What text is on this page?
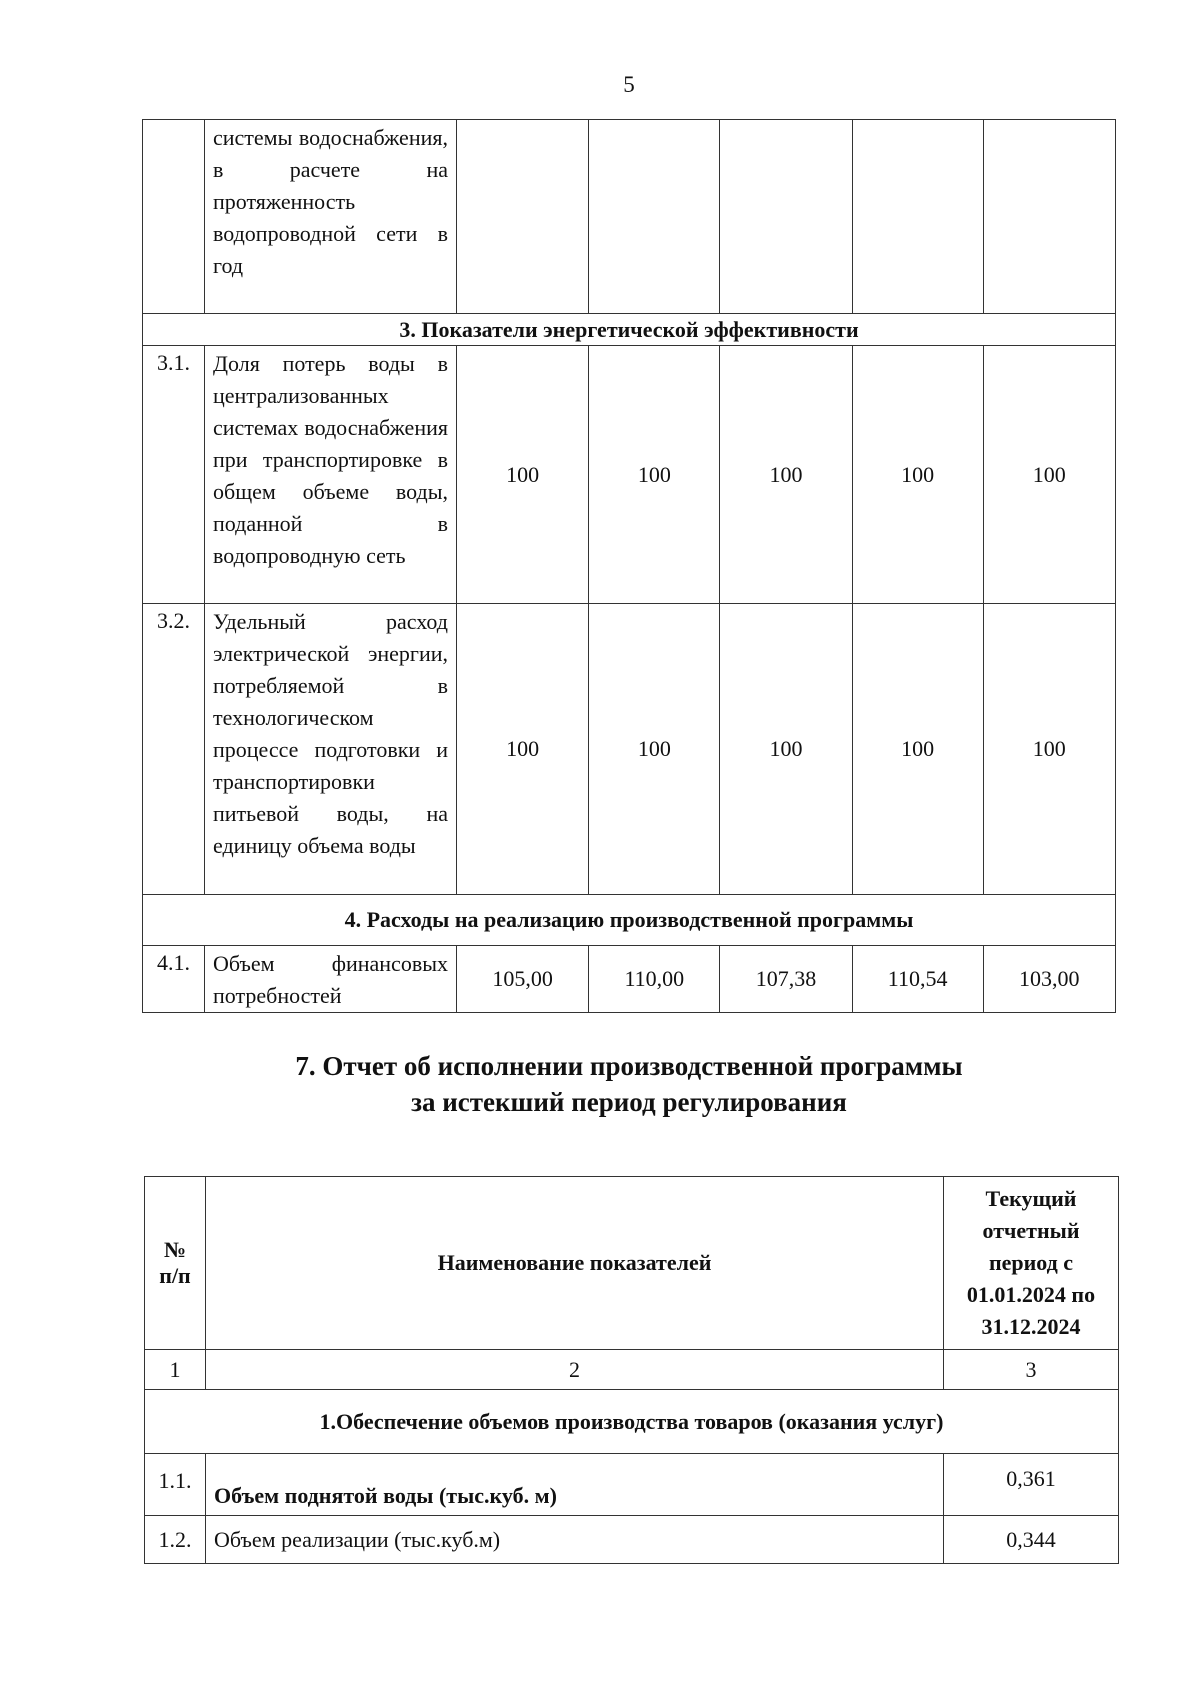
5
	системы водоснабжения, в расчете на протяженность водопроводной сети в год					
3. Показатели энергетической эффективности						
3.1.	Доля потерь воды в централизованных системах водоснабжения при транспортировке в общем объеме воды, поданной в водопроводную сеть	100	100	100	100	100
3.2.	Удельный расход электрической энергии, потребляемой в технологическом процессе подготовки и транспортировки питьевой воды, на единицу объема воды	100	100	100	100	100
4. Расходы на реализацию производственной программы						
4.1.	Объем финансовых потребностей	105,00	110,00	107,38	110,54	103,00
7. Отчет об исполнении производственной программы
за истекший период регулирования
№ п/п	Наименование показателей	Текущий отчетный период с 01.01.2024 по 31.12.2024
1	2	3
1.Обеспечение объемов производства товаров (оказания услуг)		
1.1.	Объем поднятой воды (тыс.куб. м)	0,361
1.2.	Объем реализации (тыс.куб.м)	0,344
